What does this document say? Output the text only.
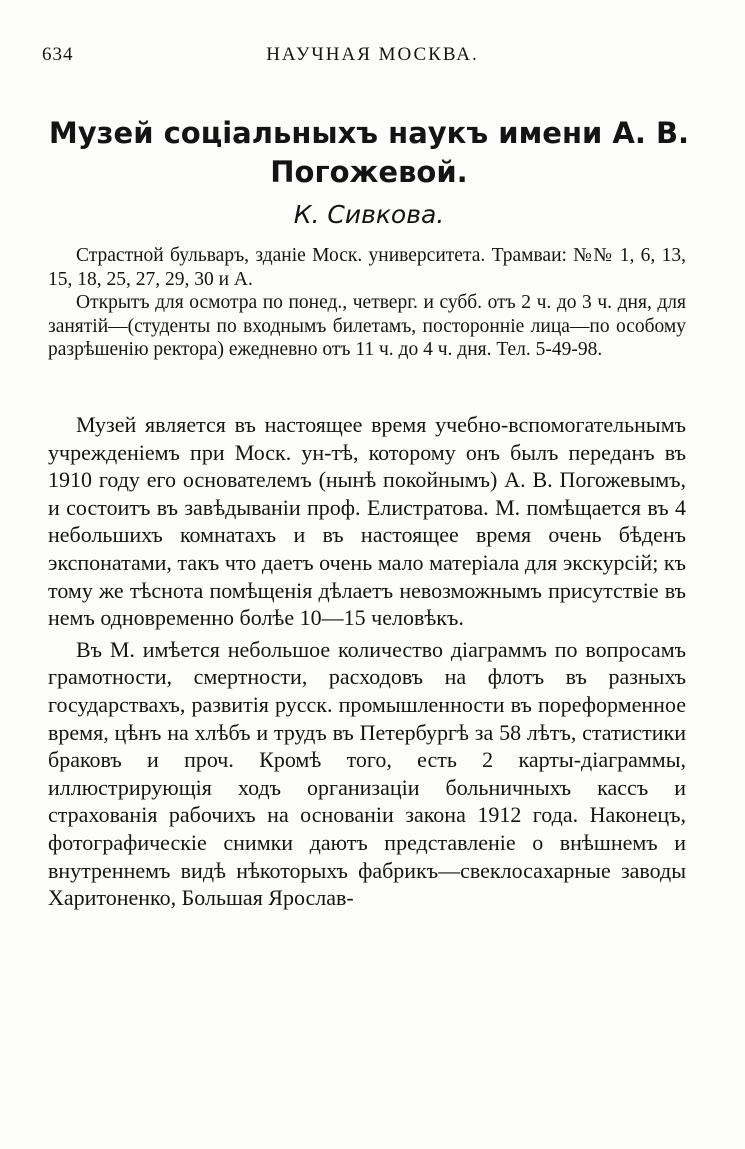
634	НАУЧНАЯ МОСКВА.
Музей соціальныхъ наукъ имени А. В. Погожевой.
К. Сивкова.

Страстной бульваръ, зданіе Моск. университета. Трамваи: №№ 1, 6, 13, 15, 18, 25, 27, 29, 30 и А.

Открытъ для осмотра по понед., четверг. и субб. отъ 2 ч. до 3 ч. дня, для занятій—(студенты по входнымъ билетамъ, посторонніе лица—по особому разрѣшенію ректора) ежедневно отъ 11 ч. до 4 ч. дня. Тел. 5-49-98.

Музей является въ настоящее время учебно-вспомогательнымъ учрежденіемъ при Моск. ун-тѣ, которому онъ былъ переданъ въ 1910 году его основателемъ (нынѣ покойнымъ) А. В. Погожевымъ, и состоитъ въ завѣдываніи проф. Елистратова. М. помѣщается въ 4 небольшихъ комнатахъ и въ настоящее время очень бѣденъ экспонатами, такъ что даетъ очень мало матеріала для экскурсій; къ тому же тѣснота помѣщенія дѣлаетъ невозможнымъ присутствіе въ немъ одновременно болѣе 10—15 человѣкъ.

Въ М. имѣется небольшое количество діаграммъ по вопросамъ грамотности, смертности, расходовъ на флотъ въ разныхъ государствахъ, развитія русск. промышленности въ пореформенное время, цѣнъ на хлѣбъ и трудъ въ Петербургѣ за 58 лѣтъ, статистики браковъ и проч. Кромѣ того, есть 2 карты-діаграммы, иллюстрирующія ходъ организаціи больничныхъ кассъ и страхованія рабочихъ на основаніи закона 1912 года. Наконецъ, фотографическіе снимки даютъ представленіе о внѣшнемъ и внутреннемъ видѣ нѣкоторыхъ фабрикъ—свеклосахарные заводы Харитоненко, Большая Ярослав-
